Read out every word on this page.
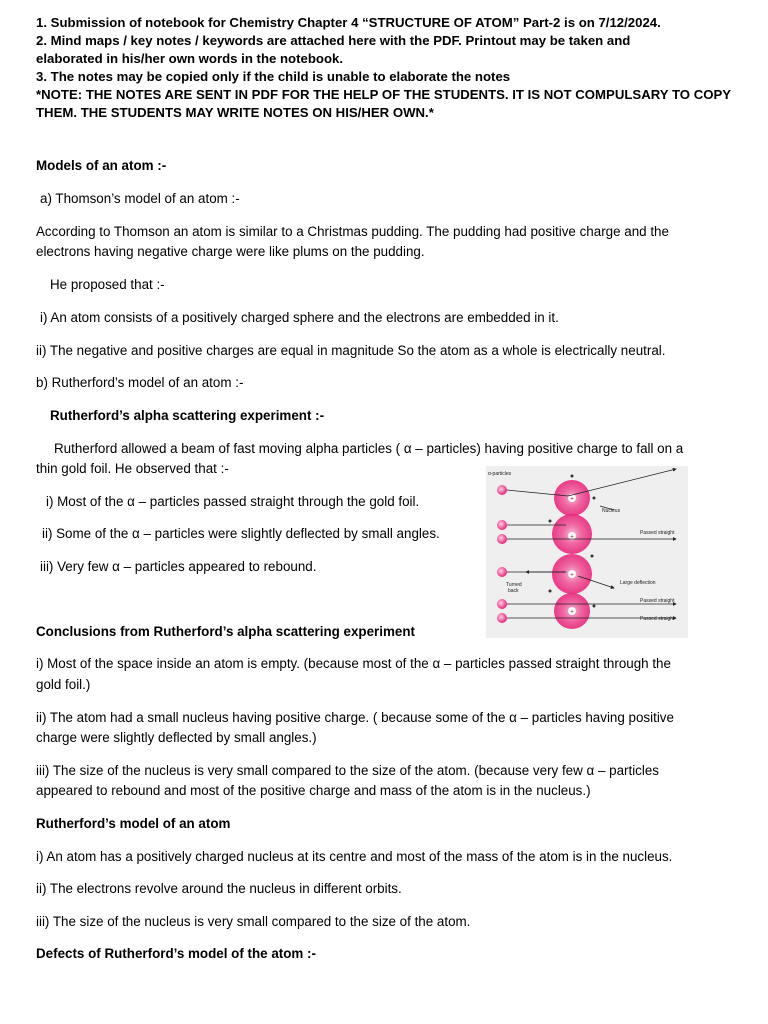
1. Submission of notebook for Chemistry Chapter 4 “STRUCTURE OF ATOM” Part-2 is on 7/12/2024.
2. Mind maps / key notes / keywords are attached here with the PDF. Printout may be taken and
elaborated in his/her own words in the notebook.
3. The notes may be copied only if the child is unable to elaborate the notes
*NOTE: THE NOTES ARE SENT IN PDF FOR THE HELP OF THE STUDENTS. IT IS NOT COMPULSARY TO COPY
THEM. THE STUDENTS MAY WRITE NOTES ON HIS/HER OWN.*

Models of an atom :-

a) Thomson’s model of an atom :-

According to Thomson an atom is similar to a Christmas pudding. The pudding had positive charge and the

electrons having negative charge were like plums on the pudding.

He proposed that :-

i) An atom consists of a positively charged sphere and the electrons are embedded in it.

ii) The negative and positive charges are equal in magnitude So the atom as a whole is electrically neutral.

b) Rutherford’s model of an atom :-

Rutherford’s alpha scattering experiment :-

Rutherford allowed a beam of fast moving alpha particles ( α – particles) having positive charge to fall on a

thin gold foil. He observed that :-

i) Most of the α – particles passed straight through the gold foil.

ii) Some of the α – particles were slightly deflected by small angles.

iii) Very few α – particles appeared to rebound.

+
+
+
+
α-particles
Nucleus
Passed straight
Turned
back
Large deflection
Passed straight
Passed straight

Conclusions from Rutherford’s alpha scattering experiment

i) Most of the space inside an atom is empty. (because most of the α – particles passed straight through the

gold foil.)

ii) The atom had a small nucleus having positive charge. ( because some of the α – particles having positive

charge were slightly deflected by small angles.)

iii) The size of the nucleus is very small compared to the size of the atom. (because very few α – particles

appeared to rebound and most of the positive charge and mass of the atom is in the nucleus.)

Rutherford’s model of an atom

i) An atom has a positively charged nucleus at its centre and most of the mass of the atom is in the nucleus.

ii) The electrons revolve around the nucleus in different orbits.

iii) The size of the nucleus is very small compared to the size of the atom.

Defects of Rutherford’s model of the atom :-
